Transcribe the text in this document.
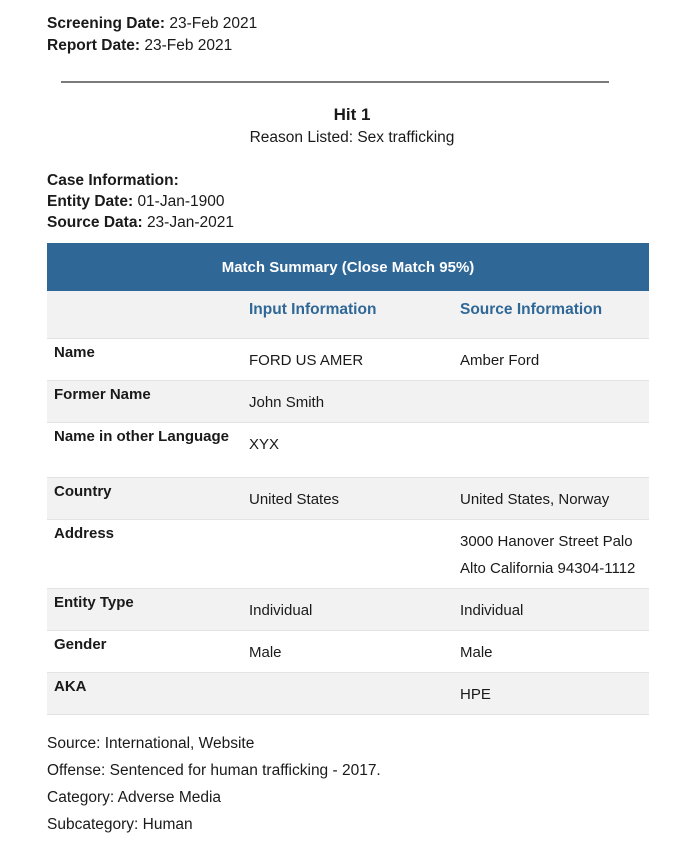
Screening Date: 23-Feb 2021
Report Date: 23-Feb 2021
Hit 1
Reason Listed: Sex trafficking
Case Information:
Entity Date: 01-Jan-1900
Source Data: 23-Jan-2021
Match Summary (Close Match 95%)		
	Input Information	Source Information
Name	FORD US AMER	Amber Ford
Former Name	John Smith	
Name in other Language	XYX	
Country	United States	United States, Norway
Address		3000 Hanover Street Palo Alto California 94304-1112
Entity Type	Individual	Individual
Gender	Male	Male
AKA		HPE
Source: International, Website
Offense: Sentenced for human trafficking - 2017.
Category: Adverse Media
Subcategory: Human
